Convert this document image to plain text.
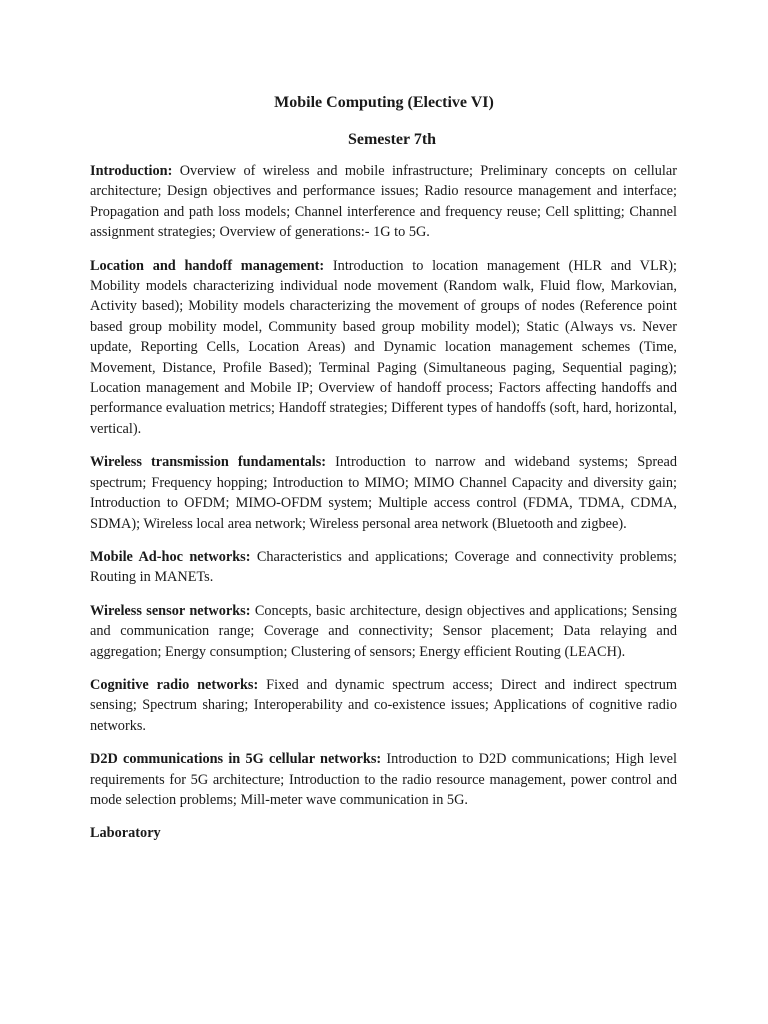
Mobile Computing (Elective VI)
Semester 7th

Introduction: Overview of wireless and mobile infrastructure; Preliminary concepts on cellular architecture; Design objectives and performance issues; Radio resource management and interface; Propagation and path loss models; Channel interference and frequency reuse; Cell splitting; Channel assignment strategies; Overview of generations:- 1G to 5G.

Location and handoff management: Introduction to location management (HLR and VLR); Mobility models characterizing individual node movement (Random walk, Fluid flow, Markovian, Activity based); Mobility models characterizing the movement of groups of nodes (Reference point based group mobility model, Community based group mobility model); Static (Always vs. Never update, Reporting Cells, Location Areas) and Dynamic location management schemes (Time, Movement, Distance, Profile Based); Terminal Paging (Simultaneous paging, Sequential paging); Location management and Mobile IP; Overview of handoff process; Factors affecting handoffs and performance evaluation metrics; Handoff strategies; Different types of handoffs (soft, hard, horizontal, vertical).

Wireless transmission fundamentals: Introduction to narrow and wideband systems; Spread spectrum; Frequency hopping; Introduction to MIMO; MIMO Channel Capacity and diversity gain; Introduction to OFDM; MIMO-OFDM system; Multiple access control (FDMA, TDMA, CDMA, SDMA); Wireless local area network; Wireless personal area network (Bluetooth and zigbee).

Mobile Ad-hoc networks: Characteristics and applications; Coverage and connectivity problems; Routing in MANETs.

Wireless sensor networks: Concepts, basic architecture, design objectives and applications; Sensing and communication range; Coverage and connectivity; Sensor placement; Data relaying and aggregation; Energy consumption; Clustering of sensors; Energy efficient Routing (LEACH).

Cognitive radio networks: Fixed and dynamic spectrum access; Direct and indirect spectrum sensing; Spectrum sharing; Interoperability and co-existence issues; Applications of cognitive radio networks.

D2D communications in 5G cellular networks: Introduction to D2D communications; High level requirements for 5G architecture; Introduction to the radio resource management, power control and mode selection problems; Mill-meter wave communication in 5G.

Laboratory
